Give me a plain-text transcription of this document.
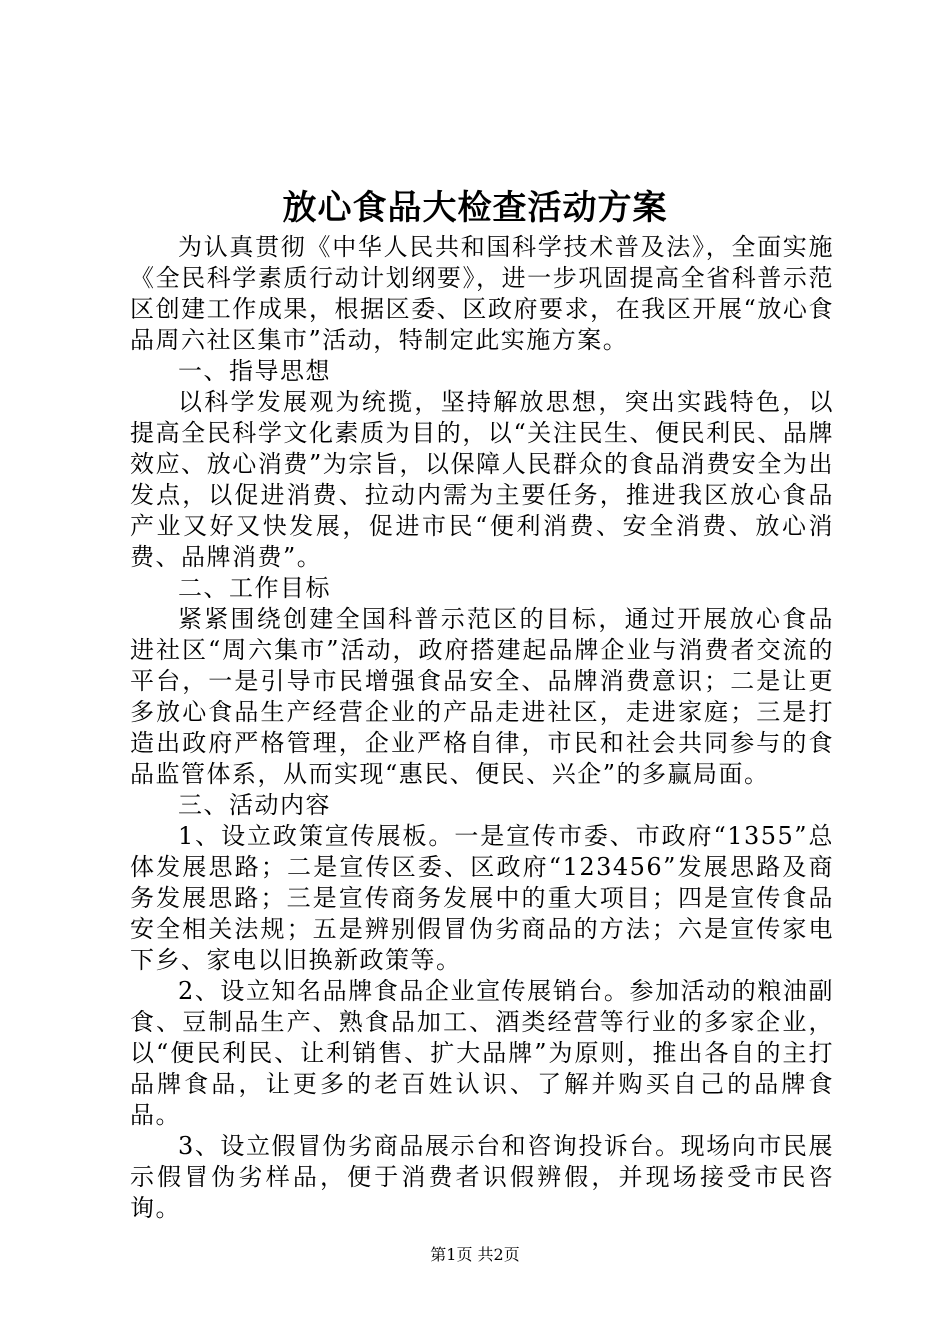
放心食品大检查活动方案

为认真贯彻《中华人民共和国科学技术普及法》，全面实施《全民科学素质行动计划纲要》，进一步巩固提高全省科普示范区创建工作成果，根据区委、区政府要求，在我区开展“放心食品周六社区集市”活动，特制定此实施方案。

一、指导思想

以科学发展观为统揽，坚持解放思想，突出实践特色，以提高全民科学文化素质为目的，以“关注民生、便民利民、品牌效应、放心消费”为宗旨，以保障人民群众的食品消费安全为出发点，以促进消费、拉动内需为主要任务，推进我区放心食品产业又好又快发展，促进市民“便利消费、安全消费、放心消费、品牌消费”。

二、工作目标

紧紧围绕创建全国科普示范区的目标，通过开展放心食品进社区“周六集市”活动，政府搭建起品牌企业与消费者交流的平台，一是引导市民增强食品安全、品牌消费意识；二是让更多放心食品生产经营企业的产品走进社区，走进家庭；三是打造出政府严格管理，企业严格自律，市民和社会共同参与的食品监管体系，从而实现“惠民、便民、兴企”的多赢局面。

三、活动内容

1、设立政策宣传展板。一是宣传市委、市政府“1355”总体发展思路；二是宣传区委、区政府“123456”发展思路及商务发展思路；三是宣传商务发展中的重大项目；四是宣传食品安全相关法规；五是辨别假冒伪劣商品的方法；六是宣传家电下乡、家电以旧换新政策等。

2、设立知名品牌食品企业宣传展销台。参加活动的粮油副食、豆制品生产、熟食品加工、酒类经营等行业的多家企业，以“便民利民、让利销售、扩大品牌”为原则，推出各自的主打品牌食品，让更多的老百姓认识、了解并购买自己的品牌食品。

3、设立假冒伪劣商品展示台和咨询投诉台。现场向市民展示假冒伪劣样品，便于消费者识假辨假，并现场接受市民咨询。

第1页 共2页
